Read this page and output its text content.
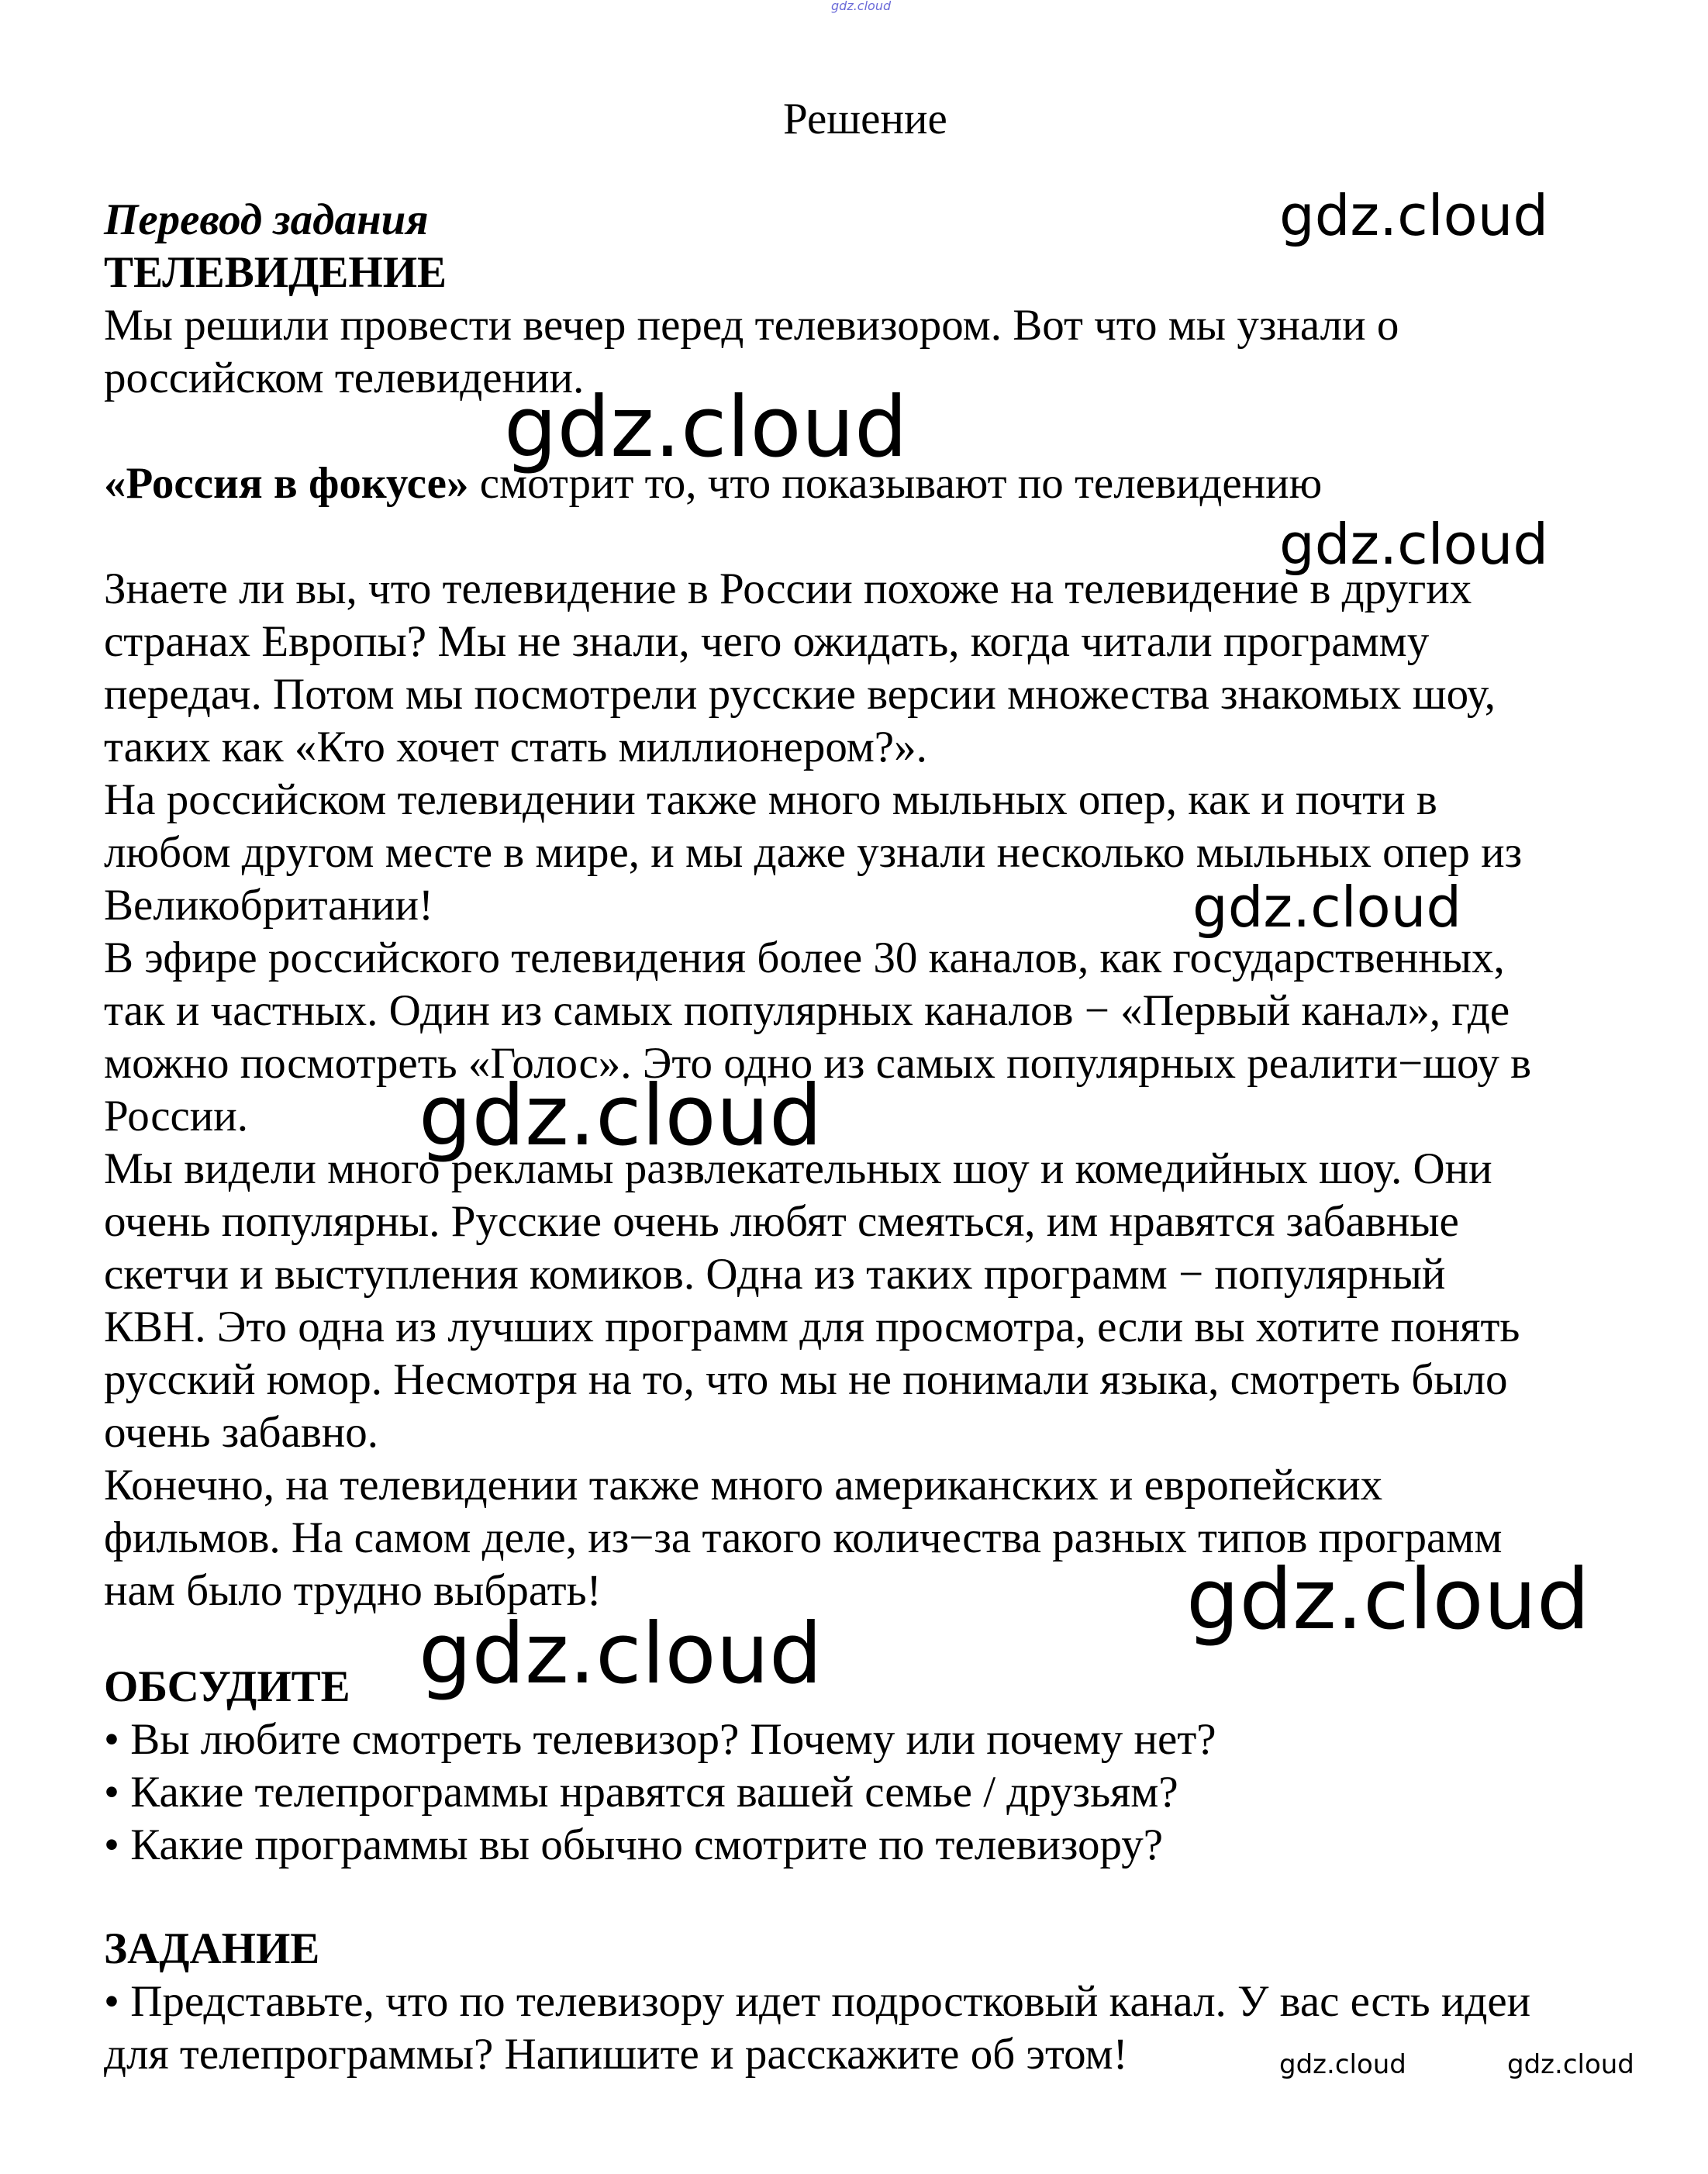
gdz.cloud
Решение
Перевод задания
ТЕЛЕВИДЕНИЕ

Мы решили провести вечер перед телевизором. Вот что мы узнали о

российском телевидении.

«Россия в фокусе» смотрит то, что показывают по телевидению

Знаете ли вы, что телевидение в России похоже на телевидение в других

странах Европы? Мы не знали, чего ожидать, когда читали программу

передач. Потом мы посмотрели русские версии множества знакомых шоу,

таких как «Кто хочет стать миллионером?».

На российском телевидении также много мыльных опер, как и почти в

любом другом месте в мире, и мы даже узнали несколько мыльных опер из

Великобритании!

В эфире российского телевидения более 30 каналов, как государственных,

так и частных. Один из самых популярных каналов − «Первый канал», где

можно посмотреть «Голос». Это одно из самых популярных реалити−шоу в

России.

Мы видели много рекламы развлекательных шоу и комедийных шоу. Они

очень популярны. Русские очень любят смеяться, им нравятся забавные

скетчи и выступления комиков. Одна из таких программ − популярный

КВН. Это одна из лучших программ для просмотра, если вы хотите понять

русский юмор. Несмотря на то, что мы не понимали языка, смотреть было

очень забавно.

Конечно, на телевидении также много американских и европейских

фильмов. На самом деле, из−за такого количества разных типов программ

нам было трудно выбрать!

ОБСУДИТЕ

• Вы любите смотреть телевизор? Почему или почему нет?

• Какие телепрограммы нравятся вашей семье / друзьям?

• Какие программы вы обычно смотрите по телевизору?

ЗАДАНИЕ

• Представьте, что по телевизору идет подростковый канал. У вас есть идеи

для телепрограммы? Напишите и расскажите об этом!

gdz.cloud
gdz.cloud
gdz.cloud
gdz.cloud
gdz.cloud
gdz.cloud
gdz.cloud
gdz.cloud	gdz.cloud
